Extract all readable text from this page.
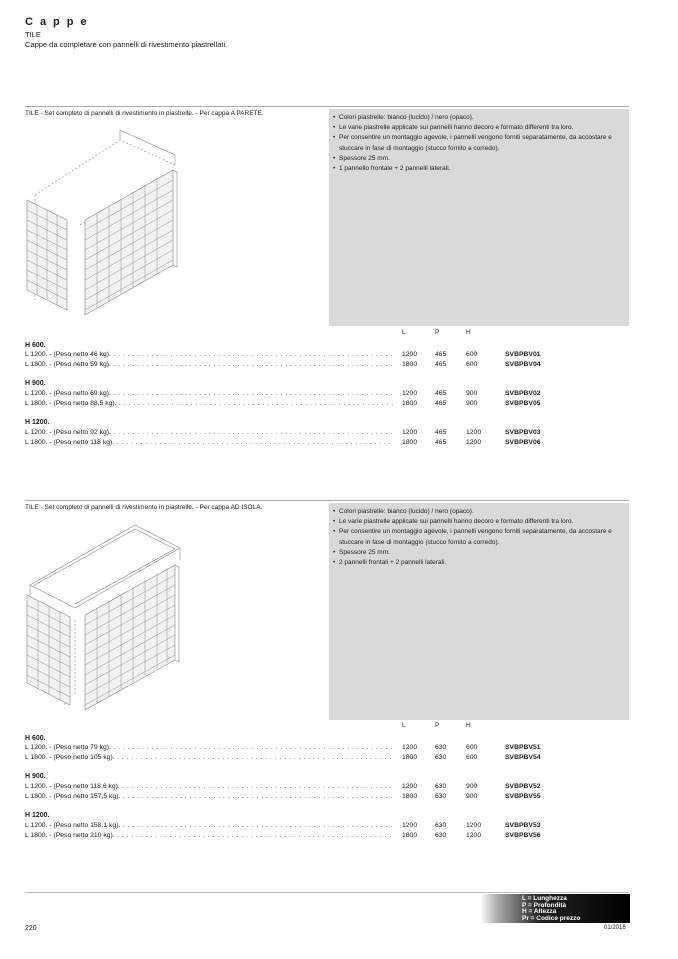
Cappe
TILE
Cappe da completare con pannelli di rivestimento piastrellati.
TILE - Set completo di pannelli di rivestimento in piastrelle. - Per cappa A PARETE.
• Colori piastrelle: bianco (lucido) / nero (opaco).
• Le varie piastrelle applicate sui pannelli hanno decoro e formato differenti tra loro.
• Per consentire un montaggio agevole, i pannelli vengono forniti separatamente, da accostare e stuccare in fase di montaggio (stucco fornito a corredo).
• Spessore 25 mm.
• 1 pannello frontale + 2 pannelli laterali.
L	P	H
H 600.
L 1200. - (Peso netto 46 kg). . . .	1200	465	600	SVBPBV01
L 1800. - (Peso netto 59 kg). . . .	1800	465	600	SVBPBV04
H 900.
L 1200. - (Peso netto 69 kg). . . .	1200	465	900	SVBPBV02
L 1800. - (Peso netto 88,5 kg). . . .	1800	465	900	SVBPBV05
H 1200.
L 1200. - (Peso netto 92 kg). . . .	1200	465	1200	SVBPBV03
L 1800. - (Peso netto 118 kg). . . .	1800	465	1200	SVBPBV06
TILE - Set completo di pannelli di rivestimento in piastrelle. - Per cappa AD ISOLA.
• Colori piastrelle: bianco (lucido) / nero (opaco).
• Le varie piastrelle applicate sui pannelli hanno decoro e formato differenti tra loro.
• Per consentire un montaggio agevole, i pannelli vengono forniti separatamente, da accostare e stuccare in fase di montaggio (stucco fornito a corredo).
• Spessore 25 mm.
• 2 pannelli frontali + 2 pannelli laterali.
L	P	H
H 600.
L 1200. - (Peso netto 79 kg). . . .	1200	630	600	SVBPBV51
L 1800. - (Peso netto 105 kg). . . .	1800	630	600	SVBPBV54
H 900.
L 1200. - (Peso netto 118,6 kg). . . .	1200	630	900	SVBPBV52
L 1800. - (Peso netto 157,5 kg). . . .	1800	630	900	SVBPBV55
H 1200.
L 1200. - (Peso netto 158,1 kg). . . .	1200	630	1200	SVBPBV53
L 1800. - (Peso netto 210 kg). . . .	1800	630	1200	SVBPBV56
L = Lunghezza
P = Profondità
H = Altezza
Pr = Codice prezzo
220	01/2016
